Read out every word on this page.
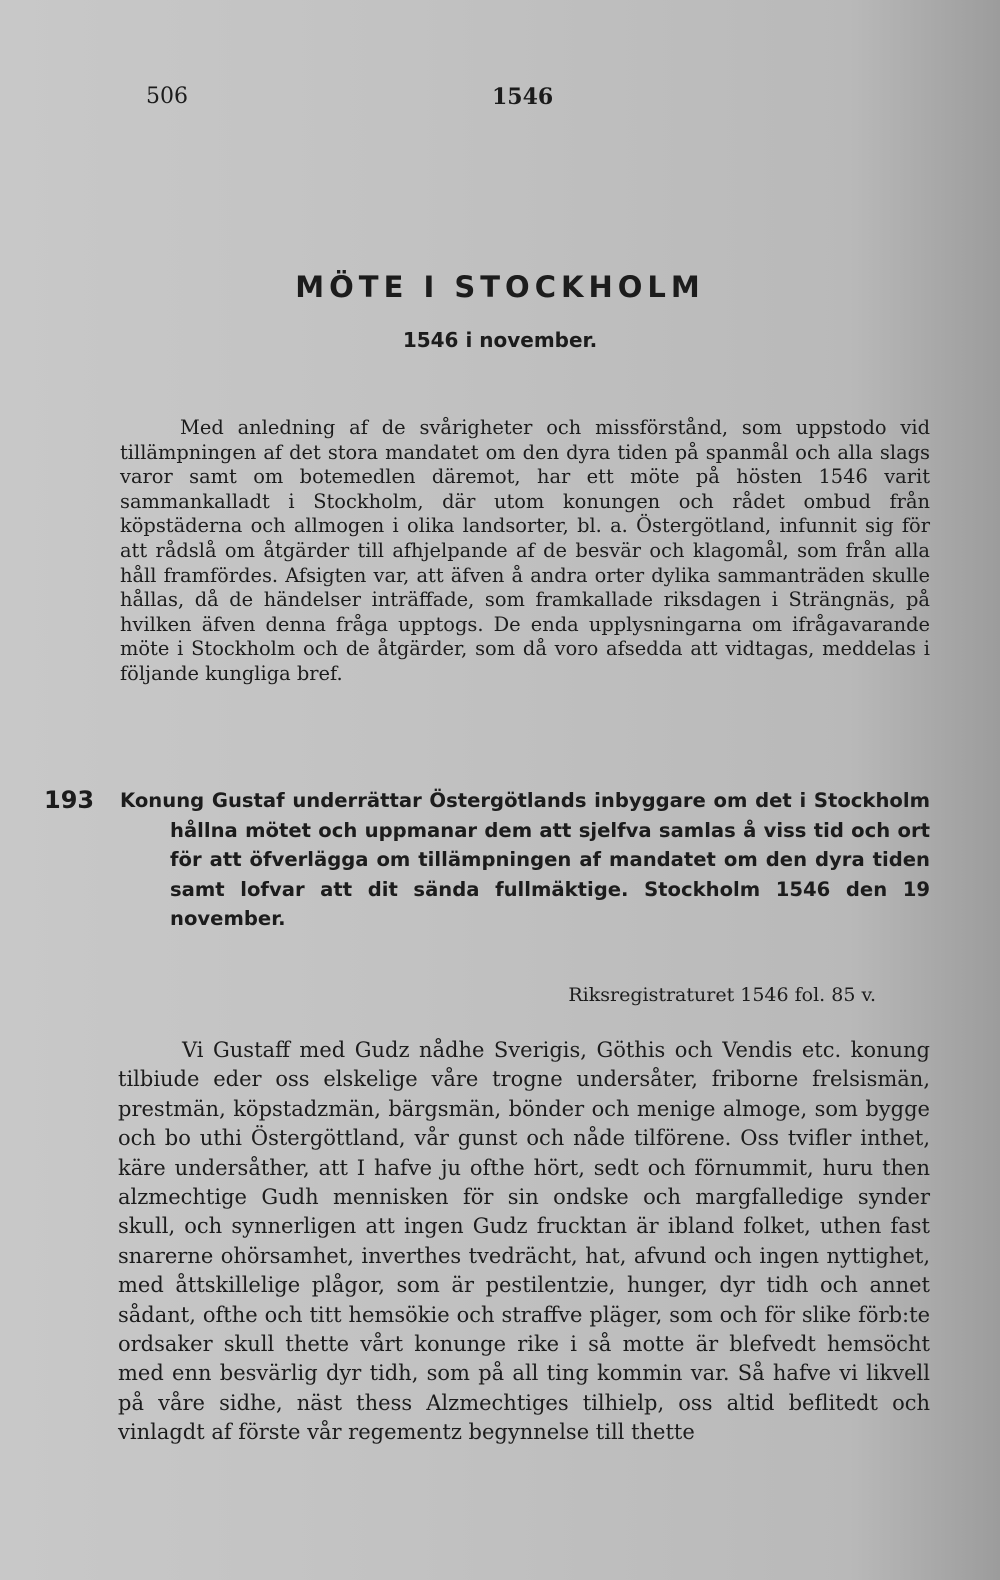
506	1546
MÖTE I STOCKHOLM
1546 i november.

Med anledning af de svårigheter och missförstånd, som uppstodo vid tillämpningen af det stora mandatet om den dyra tiden på spanmål och alla slags varor samt om botemedlen däremot, har ett möte på hösten 1546 varit sammankalladt i Stockholm, där utom konungen och rådet ombud från köpstäderna och allmogen i olika landsorter, bl. a. Östergötland, infunnit sig för att rådslå om åtgärder till afhjelpande af de besvär och klagomål, som från alla håll framfördes. Afsigten var, att äfven å andra orter dylika sammanträden skulle hållas, då de händelser inträffade, som framkallade riksdagen i Strängnäs, på hvilken äfven denna fråga upptogs. De enda upplysningarna om ifrågavarande möte i Stockholm och de åtgärder, som då voro afsedda att vidtagas, meddelas i följande kungliga bref.

193 Konung Gustaf underrättar Östergötlands inbyggare om det i Stockholm hållna mötet och uppmanar dem att sjelfva samlas å viss tid och ort för att öfverlägga om tillämpningen af mandatet om den dyra tiden samt lofvar att dit sända fullmäktige. Stockholm 1546 den 19 november.

Riksregistraturet 1546 fol. 85 v.

Vi Gustaff med Gudz nådhe Sverigis, Göthis och Vendis etc. konung tilbiude eder oss elskelige våre trogne undersåter, friborne frelsismän, prestmän, köpstadzmän, bärgsmän, bönder och menige almoge, som bygge och bo uthi Östergöttland, vår gunst och nåde tilförene. Oss tvifler inthet, käre undersåther, att I hafve ju ofthe hört, sedt och förnummit, huru then alzmechtige Gudh mennisken för sin ondske och margfalledige synder skull, och synnerligen att ingen Gudz frucktan är ibland folket, uthen fast snarerne ohörsamhet, inverthes tvedrächt, hat, afvund och ingen nyttighet, med åttskillelige plågor, som är pestilentzie, hunger, dyr tidh och annet sådant, ofthe och titt hemsökie och straffve pläger, som och för slike förb:te ordsaker skull thette vårt konunge rike i så motte är blefvedt hemsöcht med enn besvärlig dyr tidh, som på all ting kommin var. Så hafve vi likvell på våre sidhe, näst thess Alzmechtiges tilhielp, oss altid beflitedt och vinlagdt af förste vår regementz begynnelse till thette
